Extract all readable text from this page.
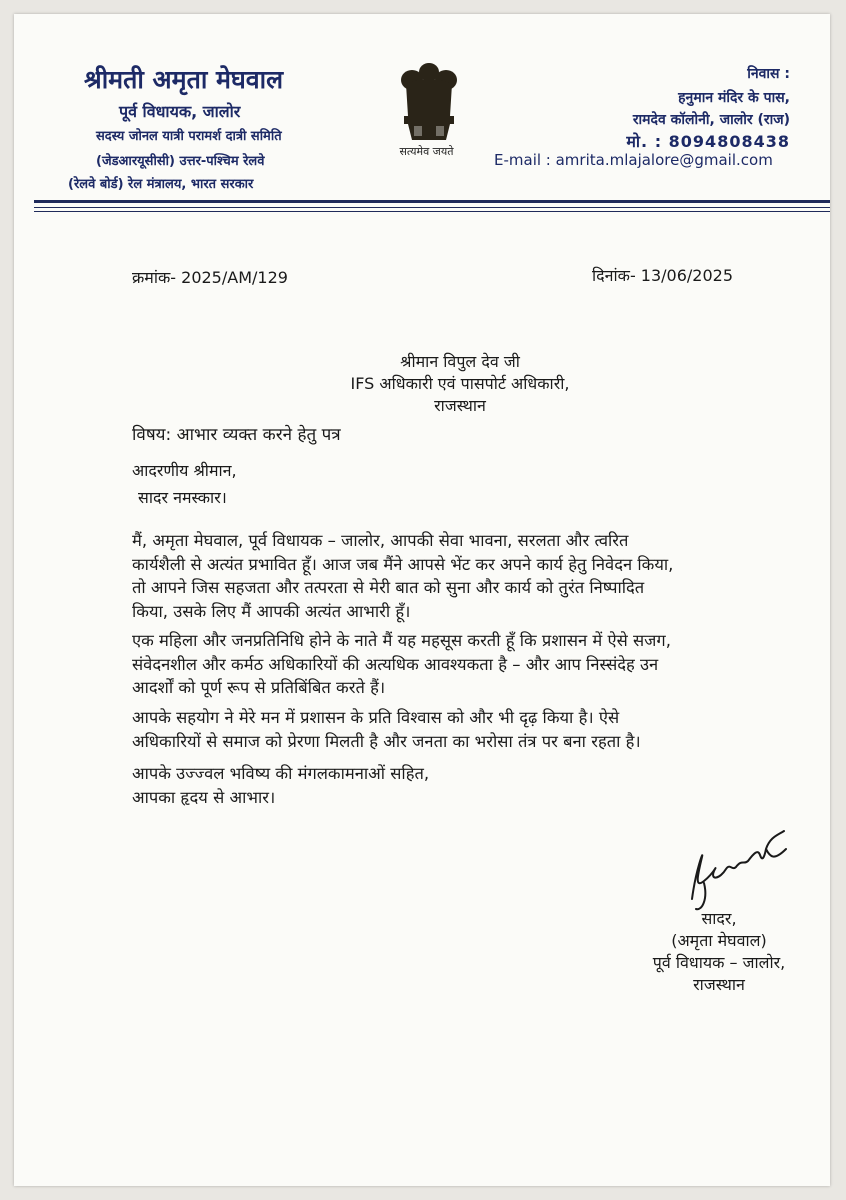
श्रीमती अमृता मेघवाल
पूर्व विधायक, जालोर
सदस्य जोनल यात्री परामर्श दात्री समिति
(जेडआरयूसीसी) उत्तर-पश्चिम रेलवे
(रेलवे बोर्ड) रेल मंत्रालय, भारत सरकार
सत्यमेव जयते
निवास :
हनुमान मंदिर के पास,
रामदेव कॉलोनी, जालोर (राज)
मो. : 8094808438
E-mail : amrita.mlajalore@gmail.com
क्रमांक- 2025/AM/129	दिनांक- 13/06/2025
श्रीमान विपुल देव जी
IFS अधिकारी एवं पासपोर्ट अधिकारी,
राजस्थान
विषय: आभार व्यक्त करने हेतु पत्र
आदरणीय श्रीमान,
सादर नमस्कार।
मैं, अमृता मेघवाल, पूर्व विधायक – जालोर, आपकी सेवा भावना, सरलता और त्वरित
कार्यशैली से अत्यंत प्रभावित हूँ। आज जब मैंने आपसे भेंट कर अपने कार्य हेतु निवेदन किया,
तो आपने जिस सहजता और तत्परता से मेरी बात को सुना और कार्य को तुरंत निष्पादित
किया, उसके लिए मैं आपकी अत्यंत आभारी हूँ।
एक महिला और जनप्रतिनिधि होने के नाते मैं यह महसूस करती हूँ कि प्रशासन में ऐसे सजग,
संवेदनशील और कर्मठ अधिकारियों की अत्यधिक आवश्यकता है – और आप निस्संदेह उन
आदर्शों को पूर्ण रूप से प्रतिबिंबित करते हैं।
आपके सहयोग ने मेरे मन में प्रशासन के प्रति विश्वास को और भी दृढ़ किया है। ऐसे
अधिकारियों से समाज को प्रेरणा मिलती है और जनता का भरोसा तंत्र पर बना रहता है।
आपके उज्ज्वल भविष्य की मंगलकामनाओं सहित,
आपका हृदय से आभार।
सादर,
(अमृता मेघवाल)
पूर्व विधायक – जालोर,
राजस्थान
